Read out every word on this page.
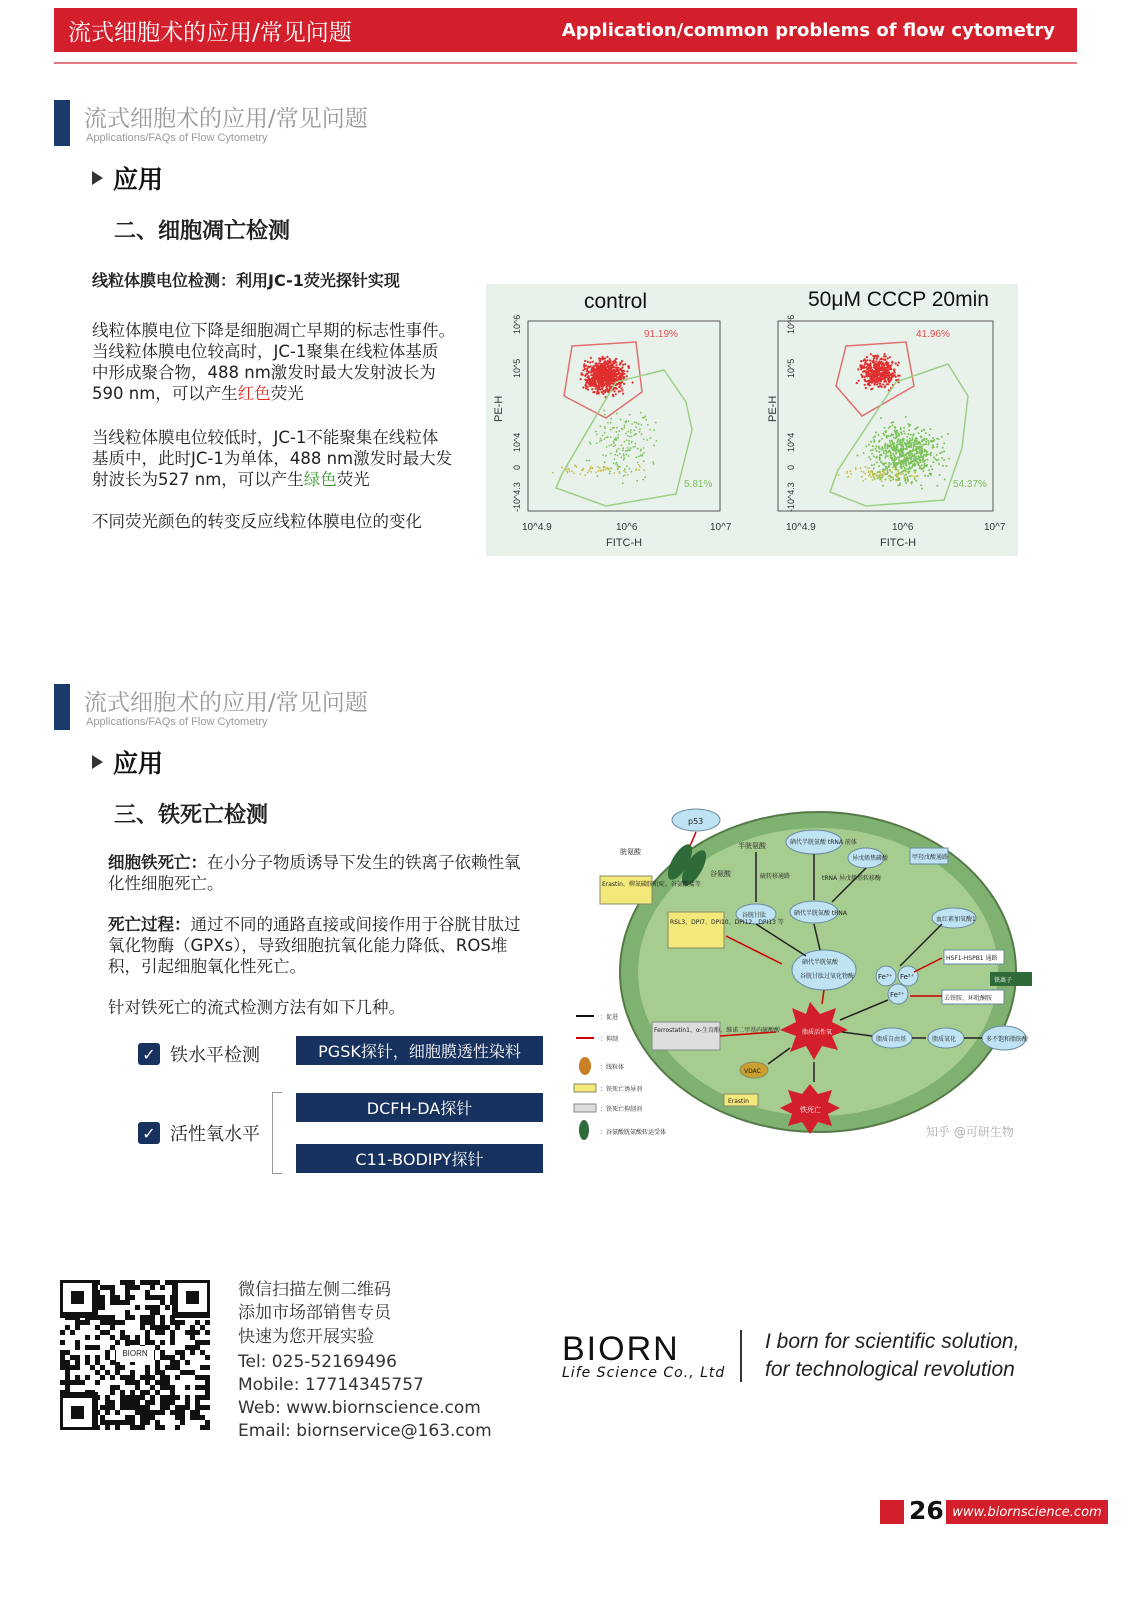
流式细胞术的应用/常见问题	Application/common problems of flow cytometry
流式细胞术的应用/常见问题
Applications/FAQs of Flow Cytometry
应用
二、细胞凋亡检测
线粒体膜电位检测：利用JC-1荧光探针实现
线粒体膜电位下降是细胞凋亡早期的标志性事件。
当线粒体膜电位较高时，JC-1聚集在线粒体基质
中形成聚合物，488 nm激发时最大发射波长为
590 nm，可以产生红色荧光
当线粒体膜电位较低时，JC-1不能聚集在线粒体
基质中，此时JC-1为单体，488 nm激发时最大发
射波长为527 nm，可以产生绿色荧光
不同荧光颜色的转变反应线粒体膜电位的变化
control	50μM CCCP 20min
91.19%
5.81%
41.96%
54.37%
FITC-H	FITC-H
PE-H	PE-H
10^4.9	10^6	10^7	10^4.9	10^6	10^7
-10^4.3
0
10^4
10^5
10^6
-10^4.3
0
10^4
10^5
10^6
流式细胞术的应用/常见问题
Applications/FAQs of Flow Cytometry
应用
三、铁死亡检测
细胞铁死亡：在小分子物质诱导下发生的铁离子依赖性氧
化性细胞死亡。
死亡过程：通过不同的通路直接或间接作用于谷胱甘肽过
氧化物酶（GPXs），导致细胞抗氧化能力降低、ROS堆
积，引起细胞氧化性死亡。
针对铁死亡的流式检测方法有如下几种。
✓ 铁水平检测
✓ 活性氧水平
PGSK探针，细胞膜透性染料
DCFH-DA探针
C11-BODIPY探针
p53
胱氨酸
Erastin、柳氮磺胺吡啶、谷氨酸盐等
半胱氨酸
谷氨酸
硒代半胱氨酸 tRNA 前体
异戊烯焦磷酸	甲羟戊酸通路
硫转移通路	tRNA 异戊烯基转移酶
谷胱甘肽	硒代半胱氨酸 tRNA
RSL3、DPI7、DPI10、DPI12、DPI13 等
硒代半胱氨酸
谷胱甘肽过氧化物酶
血红素加氧酶1
HSF1-HSPB1 通路
Fe³⁺ Fe²⁺
Fe²⁺
铁离子
去铁胺、环吡酮胺
Ferrostatin1、α-生育酚、维诺二甲基内硫酸酸	脂质活性氧
脂质自由基	脂质氧化	多不饱和脂肪酸
VDAC
Erastin
铁死亡
：促进
：抑制
：线粒体
：铁死亡诱导剂
：铁死亡抑制剂
：谷氨酸胱氨酸转运受体	知乎 @可研生物
BIORN
微信扫描左侧二维码
添加市场部销售专员
快速为您开展实验
Tel: 025-52169496
Mobile: 17714345757
Web: www.biornscience.com
Email: biornservice@163.com
BIORN
Life Science Co., Ltd
I born for scientific solution,
for technological revolution
26 www.biornscience.com
